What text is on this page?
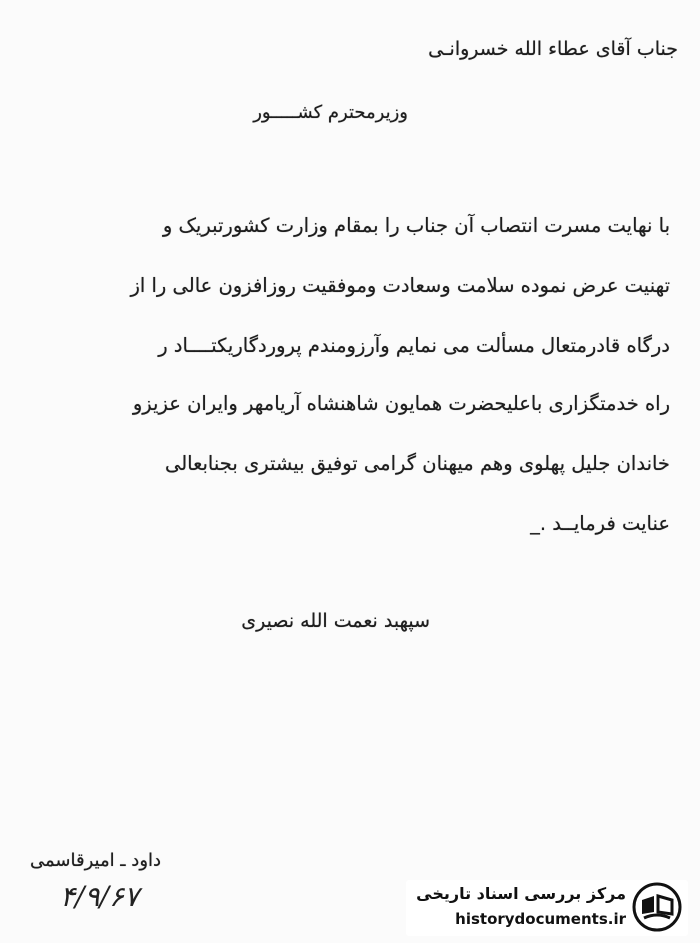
جناب آقای عطاء الله خسروانـی
وزیرمحترم کشـــــور
با نهایت مسرت انتصاب آن جناب را بمقام وزارت کشورتبریک و
تهنیت عرض نموده سلامت وسعادت وموفقیت روزافزون عالی را از
درگاه قادرمتعال مسألت می نمایم وآرزومندم پروردگاریکتــــاد ر
راه خدمتگزاری باعلیحضرت همایون شاهنشاه آریامهر وایران عزیزو
خاندان جلیل پهلوی وهم میهنان گرامی توفیق بیشتری بجنابعالی
عنایت فرمایــد ._
سپهبد نعمت الله نصیری
داود ـ امیرقاسمی
۴/۹/۶۷	مرکز بررسی اسناد تاریخی
historydocuments.ir
